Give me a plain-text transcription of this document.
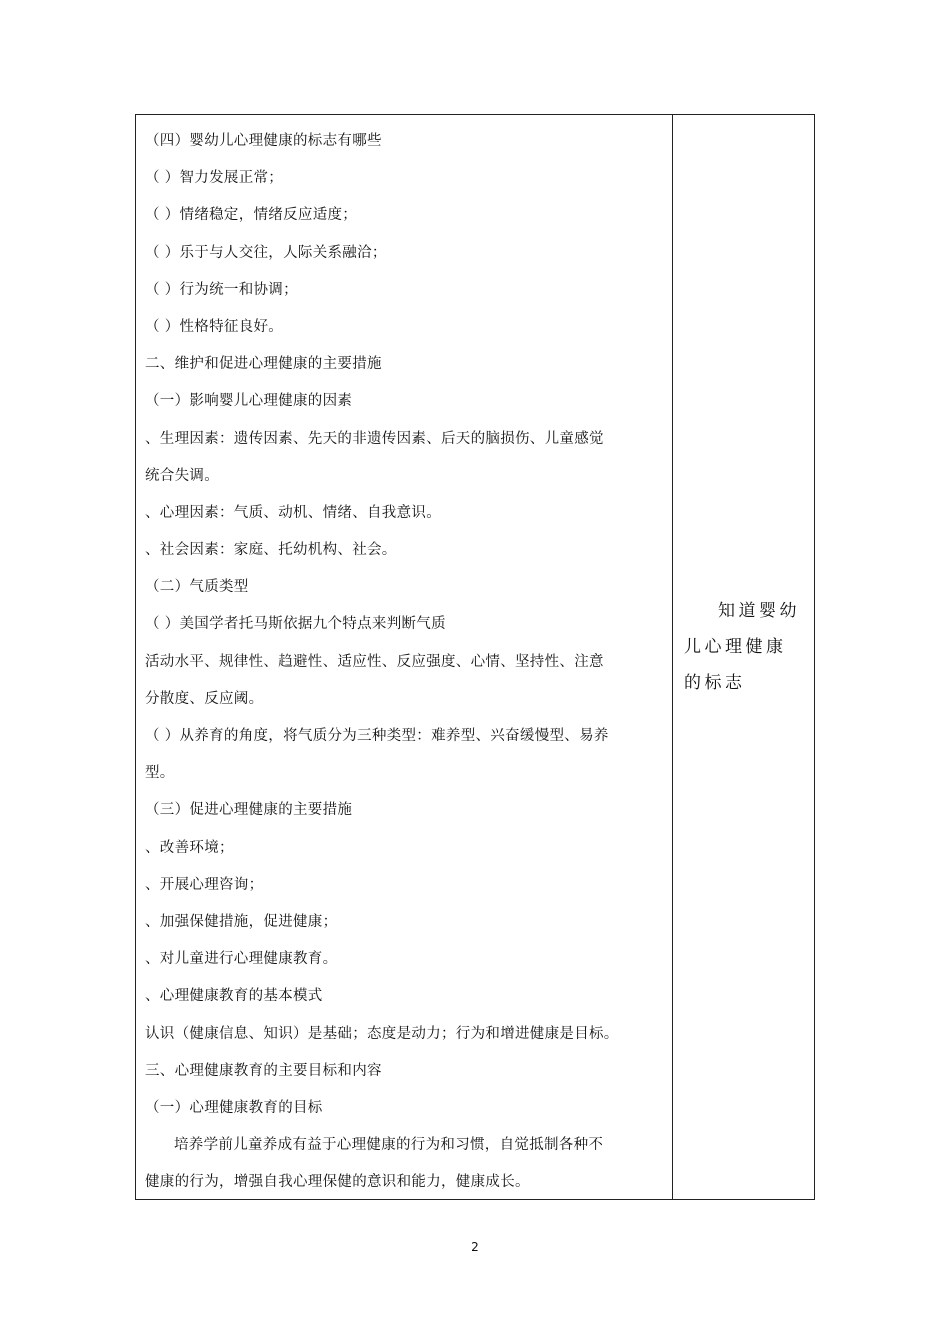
（四）婴幼儿心理健康的标志有哪些
（ ）智力发展正常；
（ ）情绪稳定，情绪反应适度；
（ ）乐于与人交往，人际关系融洽；
（ ）行为统一和协调；
（ ）性格特征良好。
二、维护和促进心理健康的主要措施
（一）影响婴儿心理健康的因素
、生理因素：遗传因素、先天的非遗传因素、后天的脑损伤、儿童感觉
统合失调。
、心理因素：气质、动机、情绪、自我意识。
、社会因素：家庭、托幼机构、社会。
（二）气质类型
（ ）美国学者托马斯依据九个特点来判断气质
活动水平、规律性、趋避性、适应性、反应强度、心情、坚持性、注意
分散度、反应阈。
（ ）从养育的角度，将气质分为三种类型：难养型、兴奋缓慢型、易养
型。
（三）促进心理健康的主要措施
、改善环境；
、开展心理咨询；
、加强保健措施，促进健康；
、对儿童进行心理健康教育。
、心理健康教育的基本模式
认识（健康信息、知识）是基础；态度是动力；行为和增进健康是目标。
三、心理健康教育的主要目标和内容
（一）心理健康教育的目标
培养学前儿童养成有益于心理健康的行为和习惯，自觉抵制各种不
健康的行为，增强自我心理保健的意识和能力，健康成长。
知道婴幼儿心理健康的标志
2
